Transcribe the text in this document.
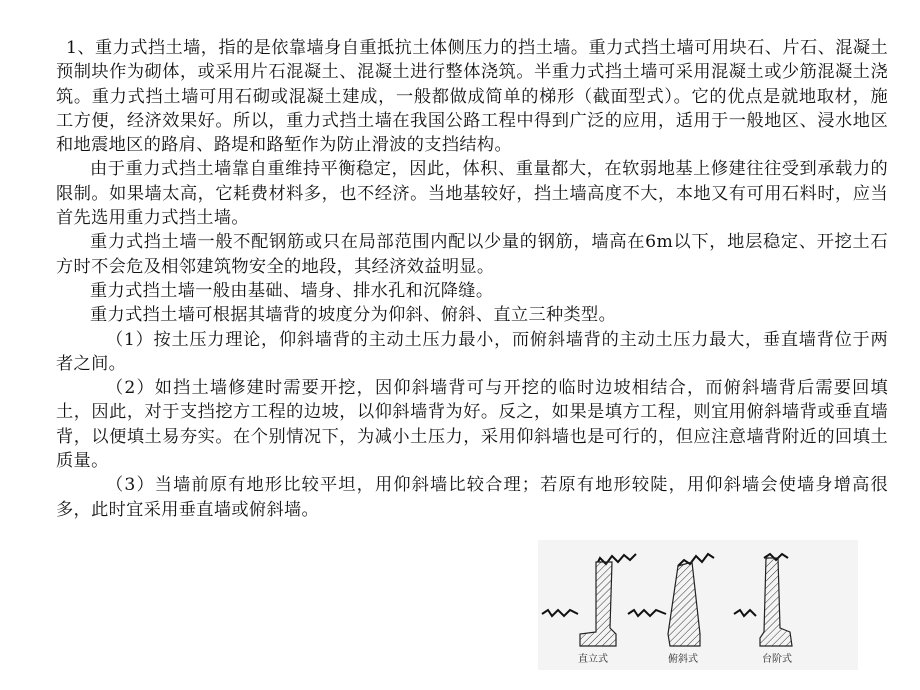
1、重力式挡土墙，指的是依靠墙身自重抵抗土体侧压力的挡土墙。重力式挡土墙可用块石、片石、混凝土预制块作为砌体，或采用片石混凝土、混凝土进行整体浇筑。半重力式挡土墙可采用混凝土或少筋混凝土浇筑。重力式挡土墙可用石砌或混凝土建成，一般都做成简单的梯形（截面型式）。它的优点是就地取材，施工方便，经济效果好。所以，重力式挡土墙在我国公路工程中得到广泛的应用，适用于一般地区、浸水地区和地震地区的路肩、路堤和路堑作为防止滑波的支挡结构。

由于重力式挡土墙靠自重维持平衡稳定，因此，体积、重量都大，在软弱地基上修建往往受到承载力的限制。如果墙太高，它耗费材料多，也不经济。当地基较好，挡土墙高度不大，本地又有可用石料时，应当首先选用重力式挡土墙。

重力式挡土墙一般不配钢筋或只在局部范围内配以少量的钢筋，墙高在6m以下，地层稳定、开挖土石方时不会危及相邻建筑物安全的地段，其经济效益明显。

重力式挡土墙一般由基础、墙身、排水孔和沉降缝。

重力式挡土墙可根据其墙背的坡度分为仰斜、俯斜、直立三种类型。

（1）按土压力理论，仰斜墙背的主动土压力最小，而俯斜墙背的主动土压力最大，垂直墙背位于两者之间。

（2）如挡土墙修建时需要开挖，因仰斜墙背可与开挖的临时边坡相结合，而俯斜墙背后需要回填土，因此，对于支挡挖方工程的边坡，以仰斜墙背为好。反之，如果是填方工程，则宜用俯斜墙背或垂直墙背，以便填土易夯实。在个别情况下，为减小土压力，采用仰斜墙也是可行的，但应注意墙背附近的回填土质量。

（3）当墙前原有地形比较平坦，用仰斜墙比较合理；若原有地形较陡，用仰斜墙会使墙身增高很多，此时宜采用垂直墙或俯斜墙。

直立式	俯斜式	台阶式
